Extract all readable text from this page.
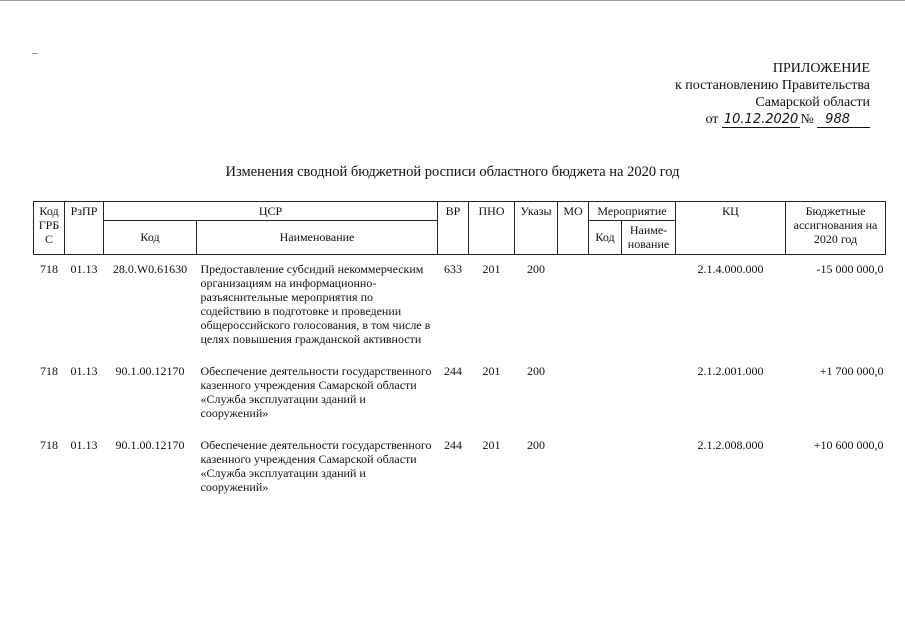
ПРИЛОЖЕНИЕ
к постановлению Правительства
Самарской области
от 10.12.2020 № 988
Изменения сводной бюджетной росписи областного бюджета на 2020 год
Код ГРБ С	РзПР	ЦСР		ВР	ПНО	Указы	МО	Мероприятие		КЦ	Бюджетные ассигнования на 2020 год
		Код	Наименование					Код	Наиме-нование		
718	01.13	28.0.W0.61630	Предоставление субсидий некоммерческим организациям на информационно-разъяснительные мероприятия по содействию в подготовке и проведении общероссийского голосования, в том числе в целях повышения гражданской активности	633	201	200				2.1.4.000.000	-15 000 000,0
718	01.13	90.1.00.12170	Обеспечение деятельности государственного казенного учреждения Самарской области «Служба эксплуатации зданий и сооружений»	244	201	200				2.1.2.001.000	+1 700 000,0
718	01.13	90.1.00.12170	Обеспечение деятельности государственного казенного учреждения Самарской области «Служба эксплуатации зданий и сооружений»	244	201	200				2.1.2.008.000	+10 600 000,0
